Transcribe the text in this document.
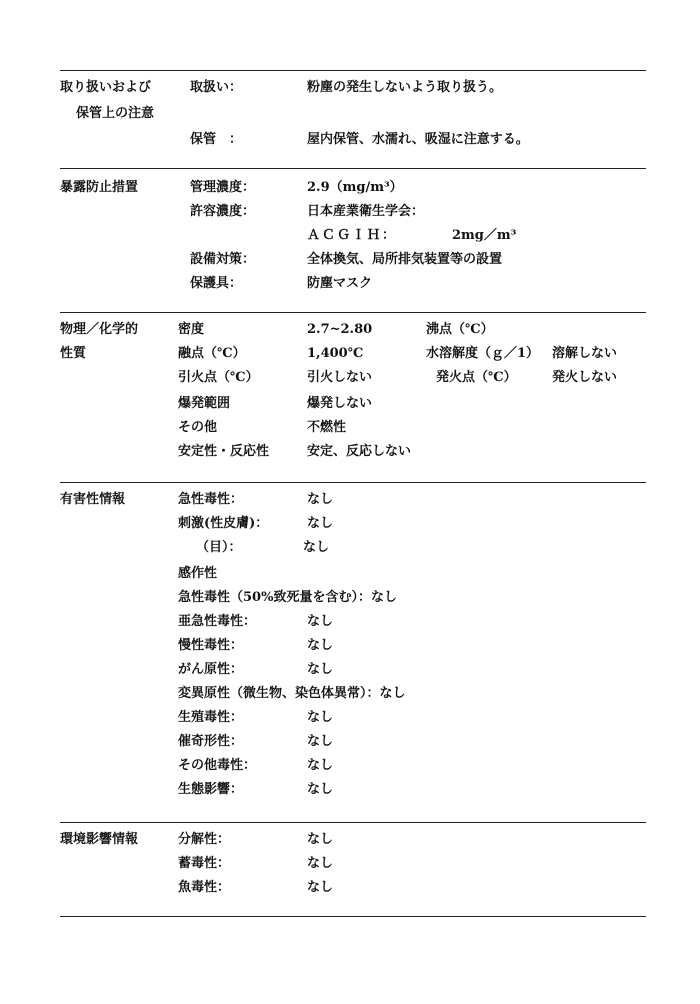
取り扱いおよび
保管上の注意
取扱い：	粉塵の発生しないよう取り扱う。
保管　：	屋内保管、水濡れ、吸湿に注意する。
暴露防止措置	管理濃度：	2.9（mg/m³）
許容濃度：	日本産業衛生学会：
ＡＣＧＩＨ：	2mg／m³
設備対策：	全体換気、局所排気装置等の設置
保護具：	防塵マスク
物理／化学的
性質
密度	2.7~2.80	沸点（℃）
融点（℃）	1,400℃	水溶解度（ｇ／1） 溶解しない
引火点（℃）	引火しない	発火点（℃）	発火しない
爆発範囲	爆発しない
その他	不燃性
安定性・反応性	安定、反応しない
有害性情報	急性毒性：	なし
刺激(性皮膚)：	なし
（目）：	なし
感作性
急性毒性（50%致死量を含む）：なし
亜急性毒性：	なし
慢性毒性：	なし
がん原性：	なし
変異原性（微生物、染色体異常）：なし
生殖毒性：	なし
催奇形性：	なし
その他毒性：	なし
生態影響：	なし
環境影響情報	分解性：	なし
蓄毒性：	なし
魚毒性：	なし
